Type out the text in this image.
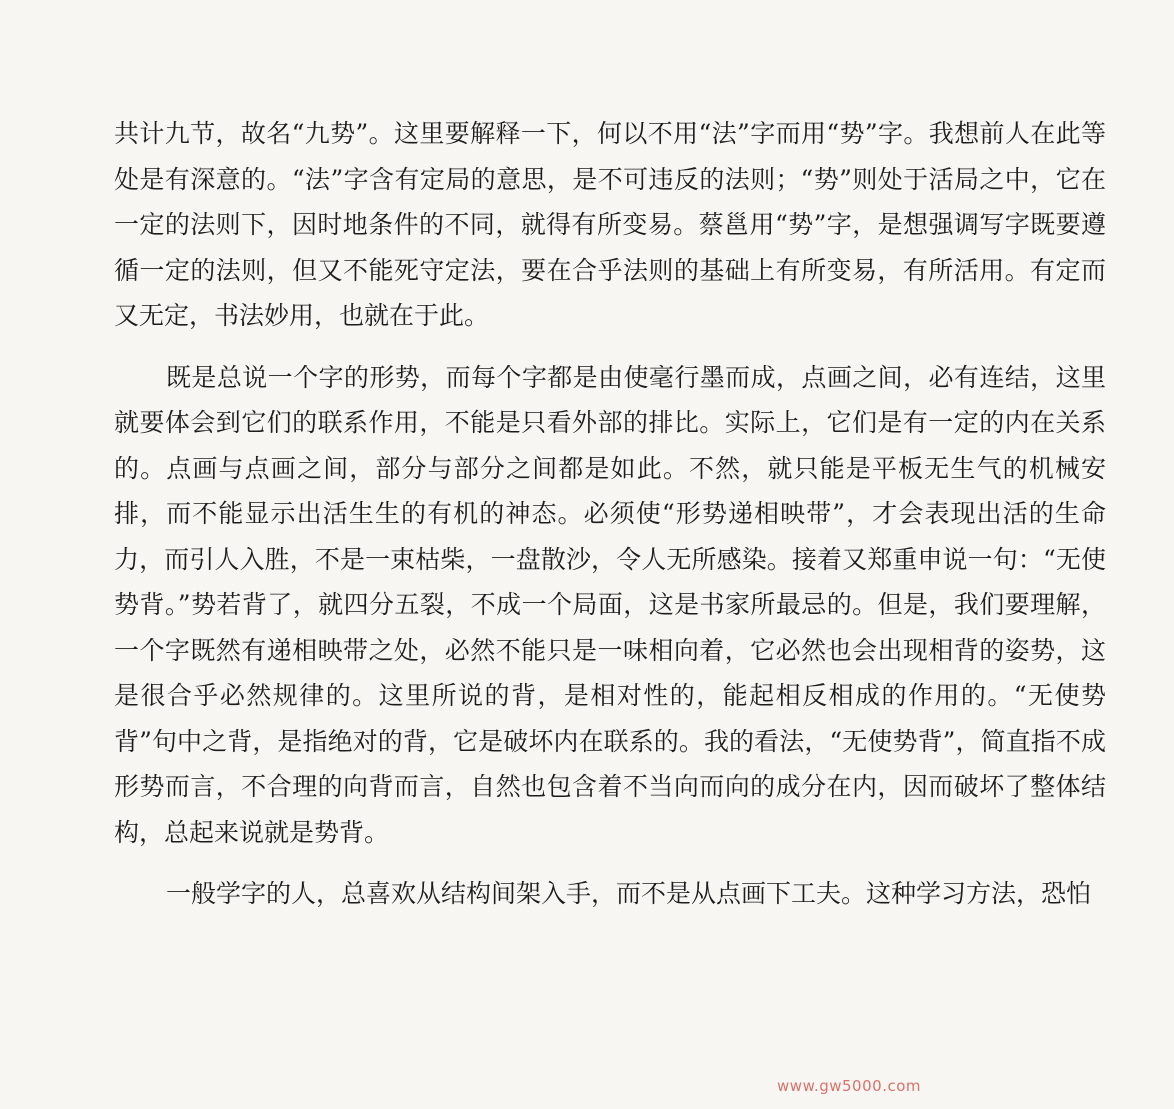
共计九节，故名“九势”。这里要解释一下，何以不用“法”字而用“势”字。我想前人在此等处是有深意的。“法”字含有定局的意思，是不可违反的法则；“势”则处于活局之中，它在一定的法则下，因时地条件的不同，就得有所变易。蔡邕用“势”字，是想强调写字既要遵循一定的法则，但又不能死守定法，要在合乎法则的基础上有所变易，有所活用。有定而又无定，书法妙用，也就在于此。

既是总说一个字的形势，而每个字都是由使毫行墨而成，点画之间，必有连结，这里就要体会到它们的联系作用，不能是只看外部的排比。实际上，它们是有一定的内在关系的。点画与点画之间，部分与部分之间都是如此。不然，就只能是平板无生气的机械安排，而不能显示出活生生的有机的神态。必须使“形势递相映带”，才会表现出活的生命力，而引人入胜，不是一束枯柴，一盘散沙，令人无所感染。接着又郑重申说一句：“无使势背。”势若背了，就四分五裂，不成一个局面，这是书家所最忌的。但是，我们要理解，一个字既然有递相映带之处，必然不能只是一味相向着，它必然也会出现相背的姿势，这是很合乎必然规律的。这里所说的背，是相对性的，能起相反相成的作用的。“无使势背”句中之背，是指绝对的背，它是破坏内在联系的。我的看法，“无使势背”，简直指不成形势而言，不合理的向背而言，自然也包含着不当向而向的成分在内，因而破坏了整体结构，总起来说就是势背。

一般学字的人，总喜欢从结构间架入手，而不是从点画下工夫。这种学习方法，恐怕

www.gw5000.com
